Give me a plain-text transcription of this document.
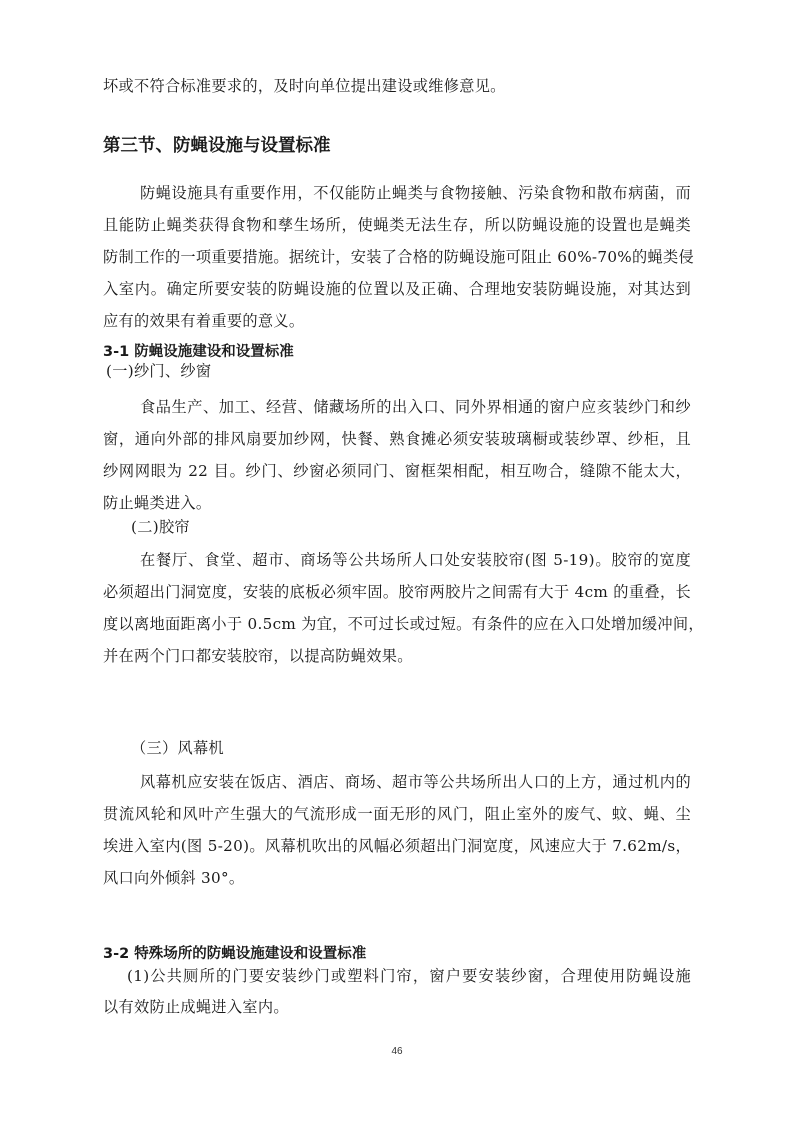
坏或不符合标准要求的，及时向单位提出建设或维修意见。
第三节、防蝇设施与设置标准
防蝇设施具有重要作用，不仅能防止蝇类与食物接触、污染食物和散布病菌，而
且能防止蝇类获得食物和孳生场所，使蝇类无法生存，所以防蝇设施的设置也是蝇类
防制工作的一项重要措施。据统计，安装了合格的防蝇设施可阻止 60%-70%的蝇类侵
入室内。确定所要安装的防蝇设施的位置以及正确、合理地安装防蝇设施，对其达到
应有的效果有着重要的意义。
3-1 防蝇设施建设和设置标准
(一)纱门、纱窗
食品生产、加工、经营、储藏场所的出入口、同外界相通的窗户应亥装纱门和纱
窗，通向外部的排风扇要加纱网，快餐、熟食摊必须安装玻璃橱或装纱罩、纱柜，且
纱网网眼为 22 目。纱门、纱窗必须同门、窗框架相配，相互吻合，缝隙不能太大，
防止蝇类进入。
(二)胶帘
在餐厅、食堂、超市、商场等公共场所人口处安装胶帘(图 5-19)。胶帘的宽度
必须超出门洞宽度，安装的底板必须牢固。胶帘两胶片之间需有大于 4cm 的重叠，长
度以离地面距离小于 0.5cm 为宜，不可过长或过短。有条件的应在入口处增加缓冲间，
并在两个门口都安装胶帘，以提高防蝇效果。
（三）风幕机
风幕机应安装在饭店、酒店、商场、超市等公共场所出人口的上方，通过机内的
贯流风轮和风叶产生强大的气流形成一面无形的风门，阻止室外的废气、蚊、蝇、尘
埃进入室内(图 5-20)。风幕机吹出的风幅必须超出门洞宽度，风速应大于 7.62m/s，
风口向外倾斜 30°。
3-2 特殊场所的防蝇设施建设和设置标准
(1)公共厕所的门要安装纱门或塑料门帘，窗户要安装纱窗，合理使用防蝇设施
以有效防止成蝇进入室内。
46
